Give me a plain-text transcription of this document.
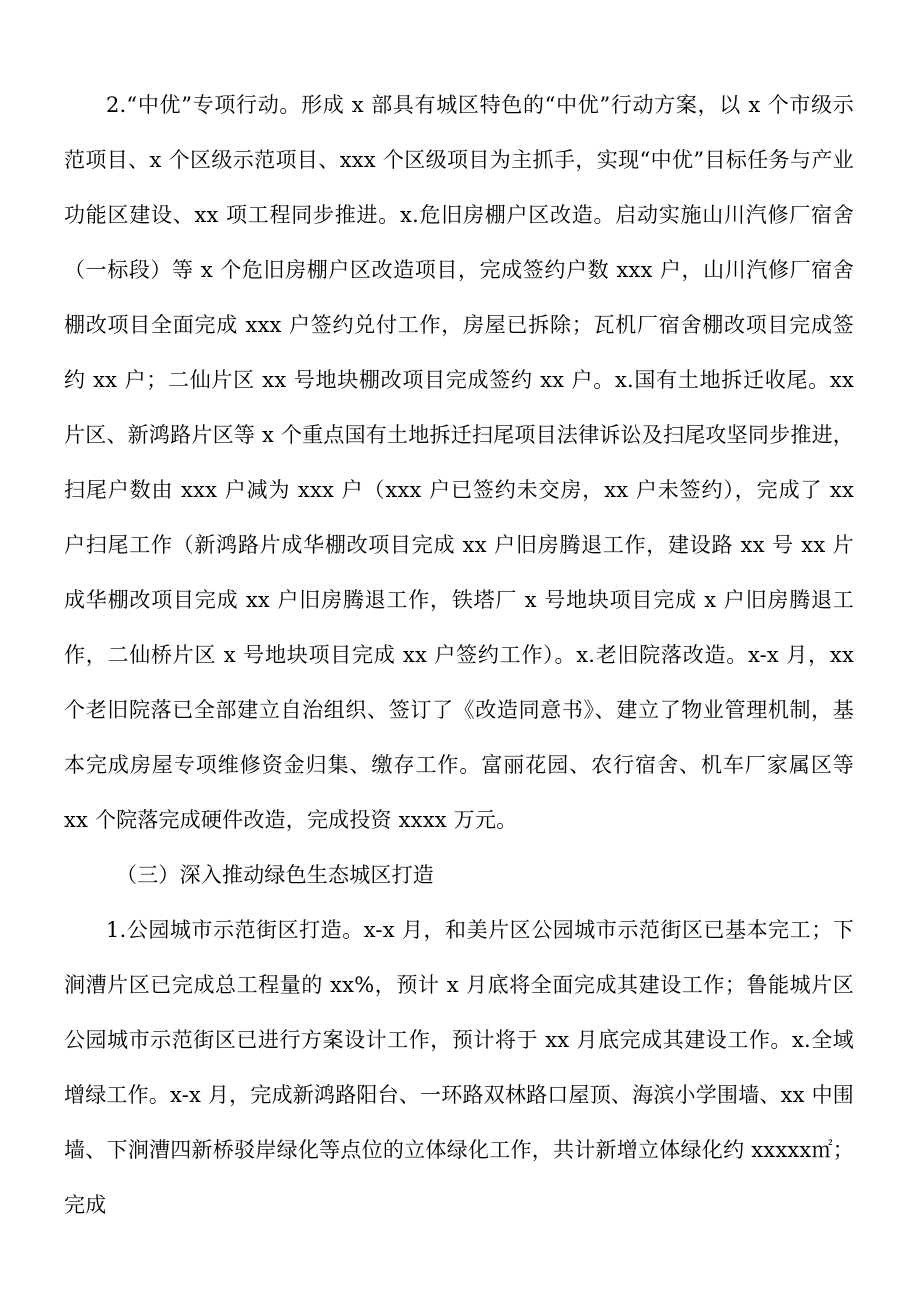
2.“中优”专项行动。形成 x 部具有城区特色的“中优”行动方案，以 x 个市级示范项目、x 个区级示范项目、xxx 个区级项目为主抓手，实现“中优”目标任务与产业功能区建设、xx 项工程同步推进。x.危旧房棚户区改造。启动实施山川汽修厂宿舍（一标段）等 x 个危旧房棚户区改造项目，完成签约户数 xxx 户，山川汽修厂宿舍棚改项目全面完成 xxx 户签约兑付工作，房屋已拆除；瓦机厂宿舍棚改项目完成签约 xx 户；二仙片区 xx 号地块棚改项目完成签约 xx 户。x.国有土地拆迁收尾。xx 片区、新鸿路片区等 x 个重点国有土地拆迁扫尾项目法律诉讼及扫尾攻坚同步推进，扫尾户数由 xxx 户减为 xxx 户（xxx 户已签约未交房，xx 户未签约），完成了 xx 户扫尾工作（新鸿路片成华棚改项目完成 xx 户旧房腾退工作，建设路 xx 号 xx 片成华棚改项目完成 xx 户旧房腾退工作，铁塔厂 x 号地块项目完成 x 户旧房腾退工作，二仙桥片区 x 号地块项目完成 xx 户签约工作）。x.老旧院落改造。x-x 月，xx 个老旧院落已全部建立自治组织、签订了《改造同意书》、建立了物业管理机制，基本完成房屋专项维修资金归集、缴存工作。富丽花园、农行宿舍、机车厂家属区等 xx 个院落完成硬件改造，完成投资 xxxx 万元。

（三）深入推动绿色生态城区打造

1.公园城市示范街区打造。x-x 月，和美片区公园城市示范街区已基本完工；下涧漕片区已完成总工程量的 xx%，预计 x 月底将全面完成其建设工作；鲁能城片区公园城市示范街区已进行方案设计工作，预计将于 xx 月底完成其建设工作。x.全域增绿工作。x-x 月，完成新鸿路阳台、一环路双林路口屋顶、海滨小学围墙、xx 中围墙、下涧漕四新桥驳岸绿化等点位的立体绿化工作，共计新增立体绿化约 xxxxx㎡；完成
